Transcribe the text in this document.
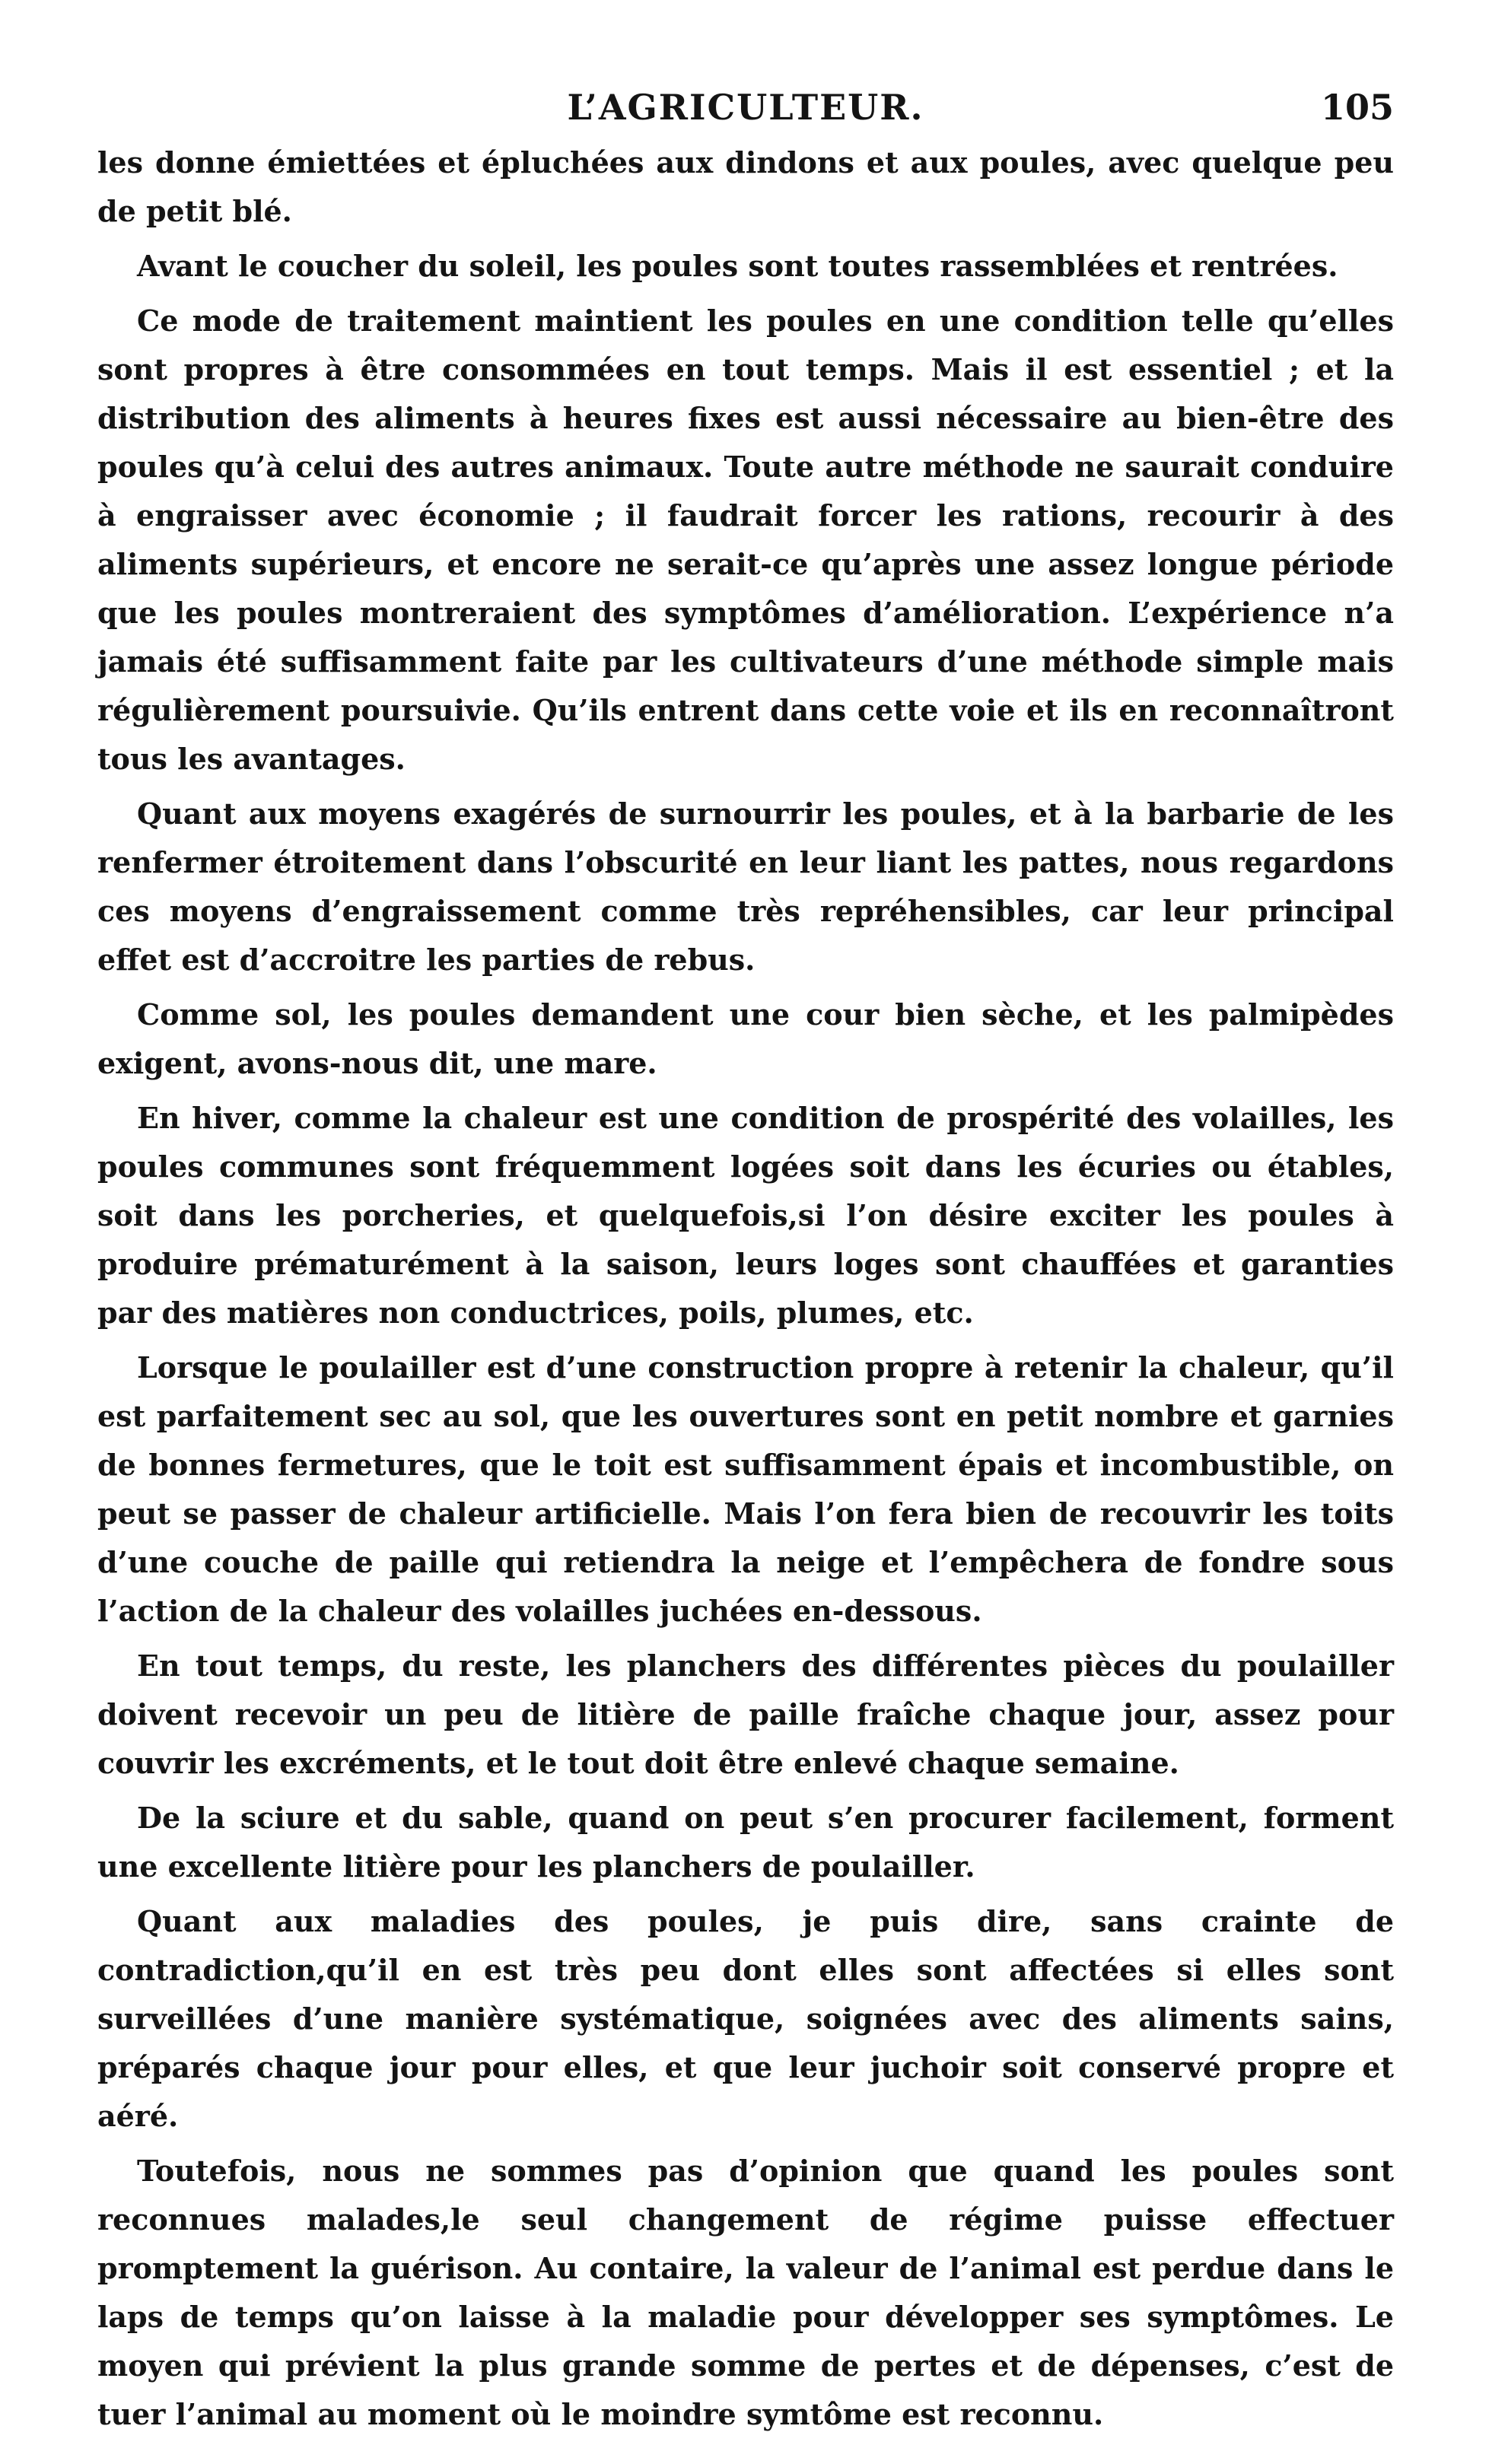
L’AGRICULTEUR.	105

les donne émiettées et épluchées aux dindons et aux poules, avec quelque peu de petit blé.

Avant le coucher du soleil, les poules sont toutes rassemblées et rentrées.

Ce mode de traitement maintient les poules en une condition telle qu’elles sont propres à être consommées en tout temps. Mais il est essentiel ; et la distribution des aliments à heures fixes est aussi nécessaire au bien-être des poules qu’à celui des autres animaux. Toute autre méthode ne saurait conduire à engraisser avec économie ; il faudrait forcer les rations, recourir à des aliments supérieurs, et encore ne serait-ce qu’après une assez longue période que les poules montreraient des symptômes d’amélioration. L’expérience n’a jamais été suffisamment faite par les cultivateurs d’une méthode simple mais régulièrement poursuivie. Qu’ils entrent dans cette voie et ils en reconnaîtront tous les avantages.

Quant aux moyens exagérés de surnourrir les poules, et à la barbarie de les renfermer étroitement dans l’obscurité en leur liant les pattes, nous regardons ces moyens d’engraissement comme très repréhensibles, car leur principal effet est d’accroitre les parties de rebus.

Comme sol, les poules demandent une cour bien sèche, et les palmipèdes exigent, avons-nous dit, une mare.

En hiver, comme la chaleur est une condition de prospérité des volailles, les poules communes sont fréquemment logées soit dans les écuries ou étables, soit dans les porcheries, et quelquefois,si l’on désire exciter les poules à produire prématurément à la saison, leurs loges sont chauffées et garanties par des matières non conductrices, poils, plumes, etc.

Lorsque le poulailler est d’une construction propre à retenir la chaleur, qu’il est parfaitement sec au sol, que les ouvertures sont en petit nombre et garnies de bonnes fermetures, que le toit est suffisamment épais et incombustible, on peut se passer de chaleur artificielle. Mais l’on fera bien de recouvrir les toits d’une couche de paille qui retiendra la neige et l’empêchera de fondre sous l’action de la chaleur des volailles juchées en-dessous.

En tout temps, du reste, les planchers des différentes pièces du poulailler doivent recevoir un peu de litière de paille fraîche chaque jour, assez pour couvrir les excréments, et le tout doit être enlevé chaque semaine.

De la sciure et du sable, quand on peut s’en procurer facilement, forment une excellente litière pour les planchers de poulailler.

Quant aux maladies des poules, je puis dire, sans crainte de contradiction,qu’il en est très peu dont elles sont affectées si elles sont surveillées d’une manière systématique, soignées avec des aliments sains, préparés chaque jour pour elles, et que leur juchoir soit conservé propre et aéré.

Toutefois, nous ne sommes pas d’opinion que quand les poules sont reconnues malades,le seul changement de régime puisse effectuer promptement la guérison. Au contaire, la valeur de l’animal est perdue dans le laps de temps qu’on laisse à la maladie pour développer ses symptômes. Le moyen qui prévient la plus grande somme de pertes et de dépenses, c’est de tuer l’animal au moment où le moindre symtôme est reconnu.
